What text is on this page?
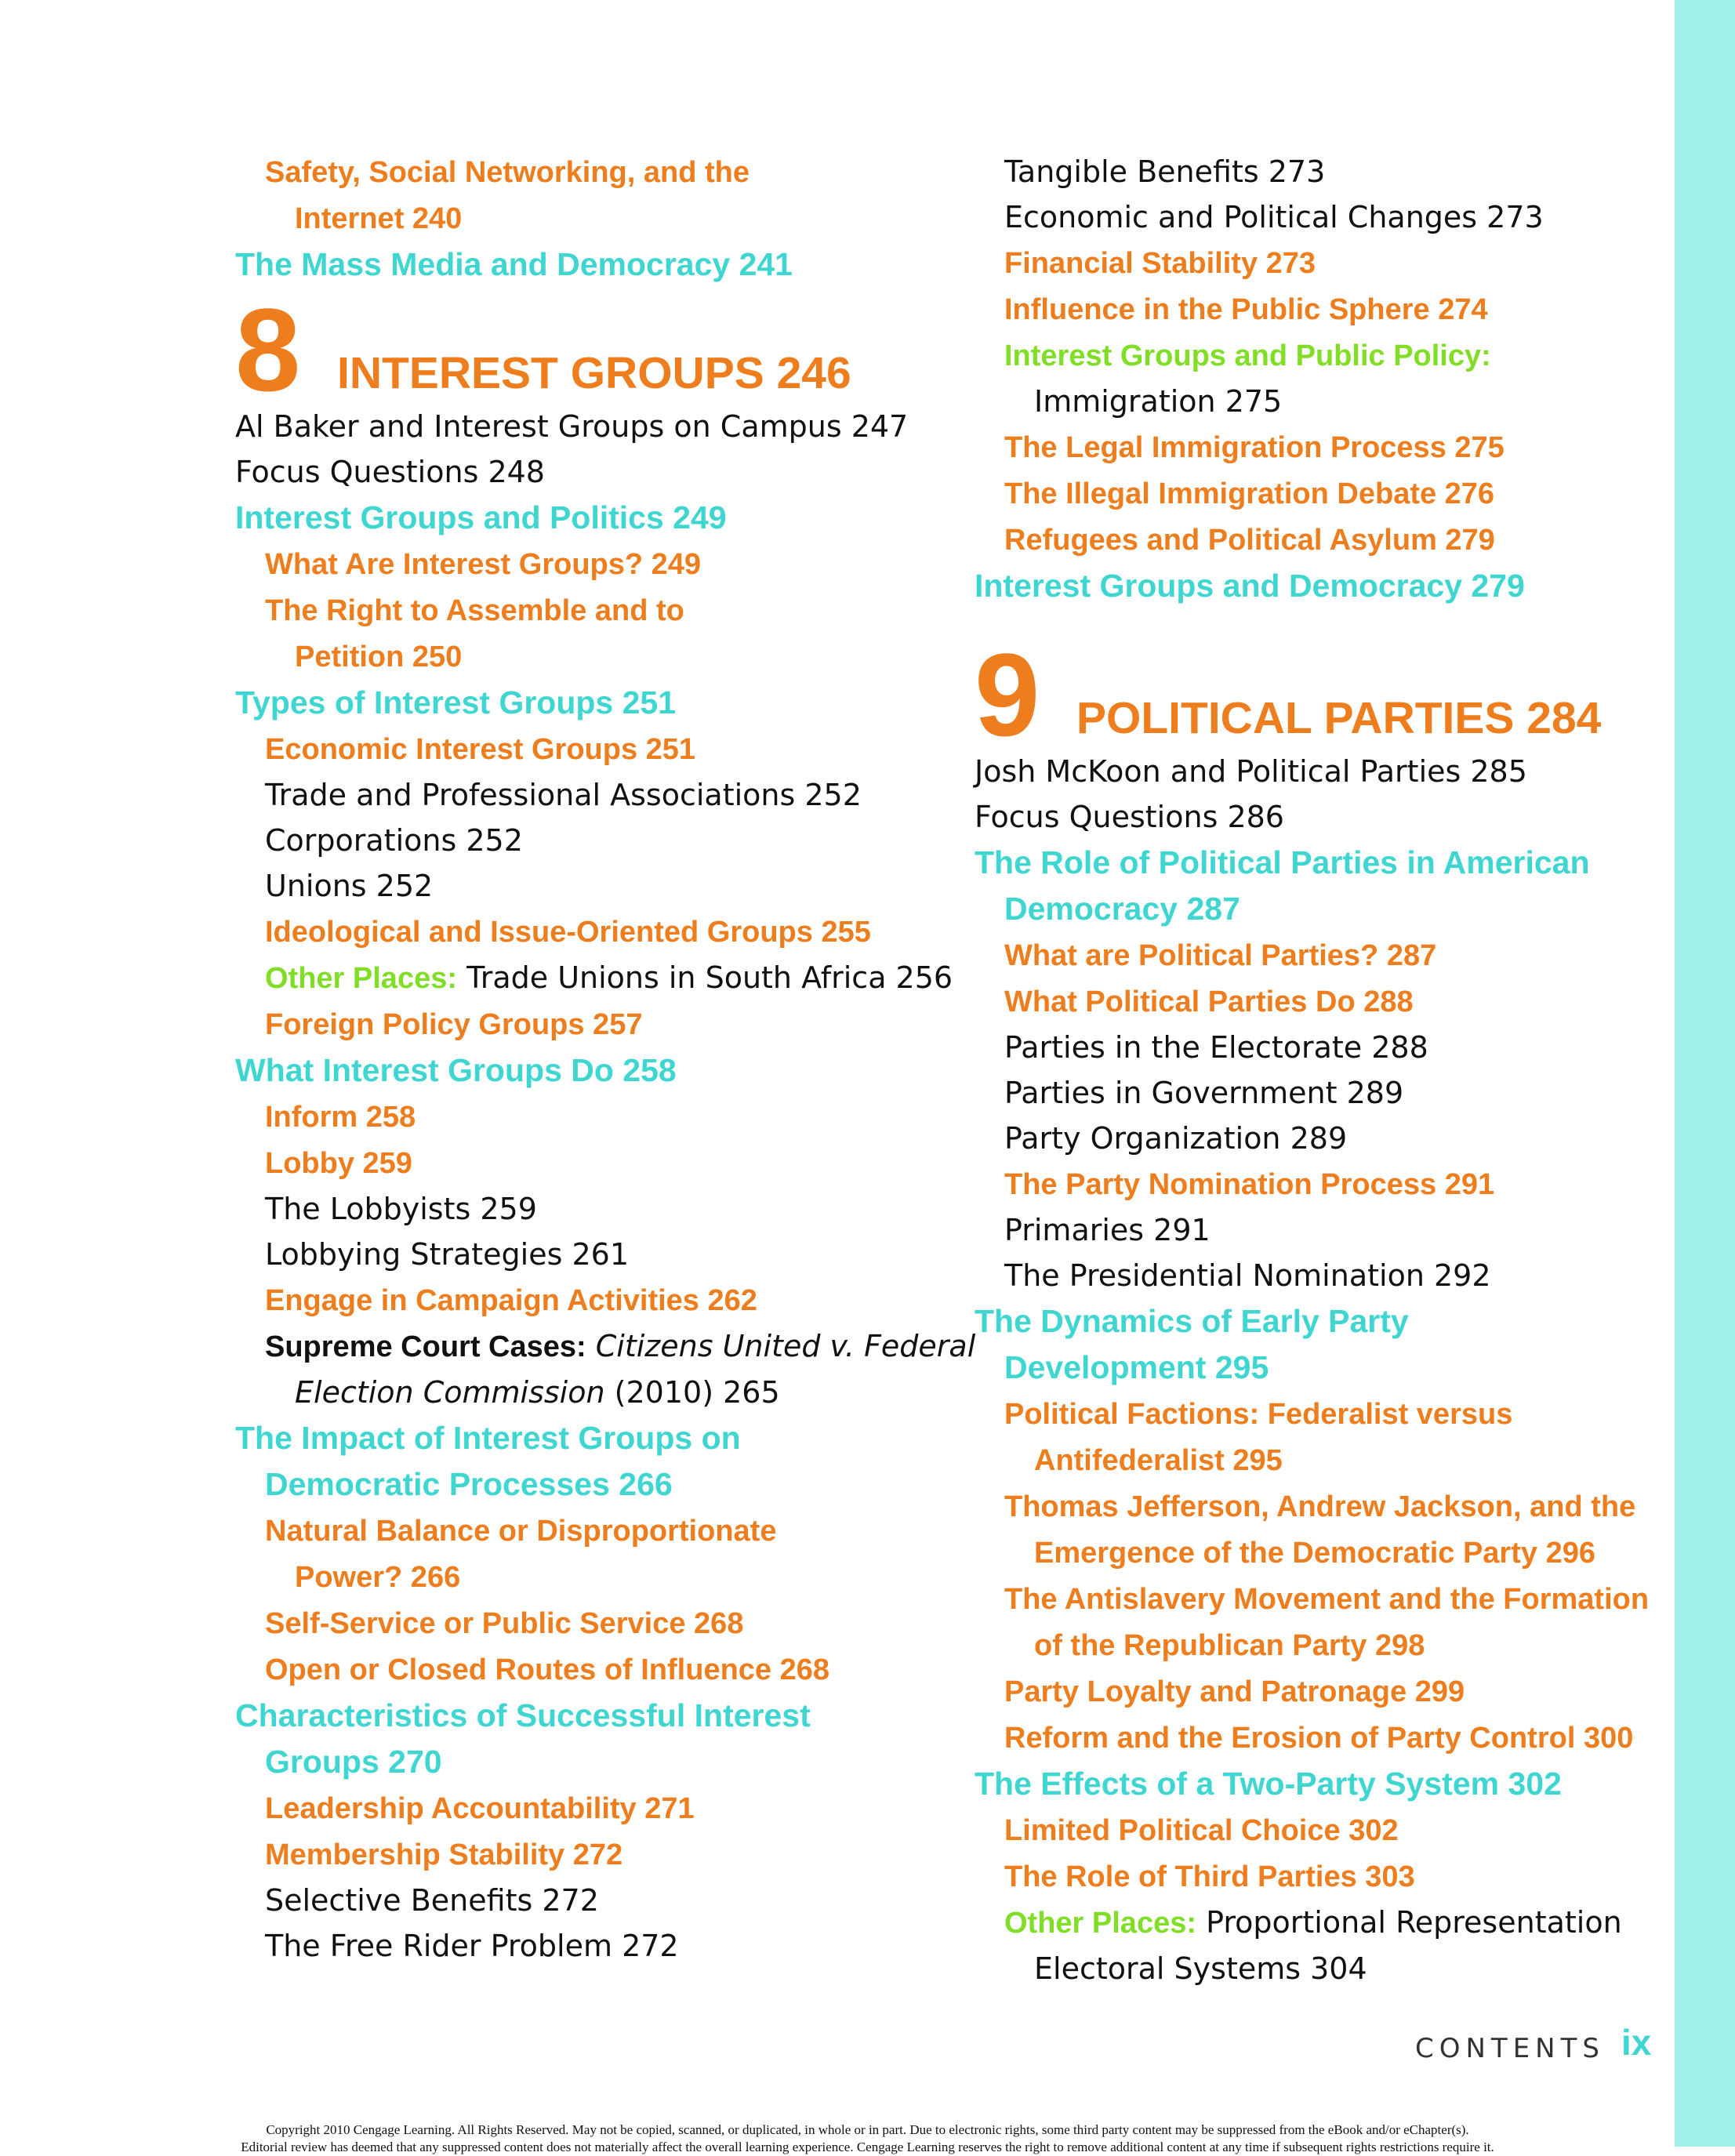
Safety, Social Networking, and the
Internet 240
The Mass Media and Democracy 241
8 INTEREST GROUPS 246
Al Baker and Interest Groups on Campus 247
Focus Questions 248
Interest Groups and Politics 249
What Are Interest Groups? 249
The Right to Assemble and to
Petition 250
Types of Interest Groups 251
Economic Interest Groups 251
Trade and Professional Associations 252
Corporations 252
Unions 252
Ideological and Issue-Oriented Groups 255
Other Places: Trade Unions in South Africa 256
Foreign Policy Groups 257
What Interest Groups Do 258
Inform 258
Lobby 259
The Lobbyists 259
Lobbying Strategies 261
Engage in Campaign Activities 262
Supreme Court Cases: Citizens United v. Federal
Election Commission (2010) 265
The Impact of Interest Groups on
Democratic Processes 266
Natural Balance or Disproportionate
Power? 266
Self-Service or Public Service 268
Open or Closed Routes of Influence 268
Characteristics of Successful Interest
Groups 270
Leadership Accountability 271
Membership Stability 272
Selective Benefits 272
The Free Rider Problem 272
Tangible Benefits 273
Economic and Political Changes 273
Financial Stability 273
Influence in the Public Sphere 274
Interest Groups and Public Policy:
Immigration 275
The Legal Immigration Process 275
The Illegal Immigration Debate 276
Refugees and Political Asylum 279
Interest Groups and Democracy 279
9 POLITICAL PARTIES 284
Josh McKoon and Political Parties 285
Focus Questions 286
The Role of Political Parties in American
Democracy 287
What are Political Parties? 287
What Political Parties Do 288
Parties in the Electorate 288
Parties in Government 289
Party Organization 289
The Party Nomination Process 291
Primaries 291
The Presidential Nomination 292
The Dynamics of Early Party
Development 295
Political Factions: Federalist versus
Antifederalist 295
Thomas Jefferson, Andrew Jackson, and the
Emergence of the Democratic Party 296
The Antislavery Movement and the Formation
of the Republican Party 298
Party Loyalty and Patronage 299
Reform and the Erosion of Party Control 300
The Effects of a Two-Party System 302
Limited Political Choice 302
The Role of Third Parties 303
Other Places: Proportional Representation
Electoral Systems 304
CONTENTS ix
Copyright 2010 Cengage Learning. All Rights Reserved. May not be copied, scanned, or duplicated, in whole or in part. Due to electronic rights, some third party content may be suppressed from the eBook and/or eChapter(s).
Editorial review has deemed that any suppressed content does not materially affect the overall learning experience. Cengage Learning reserves the right to remove additional content at any time if subsequent rights restrictions require it.
